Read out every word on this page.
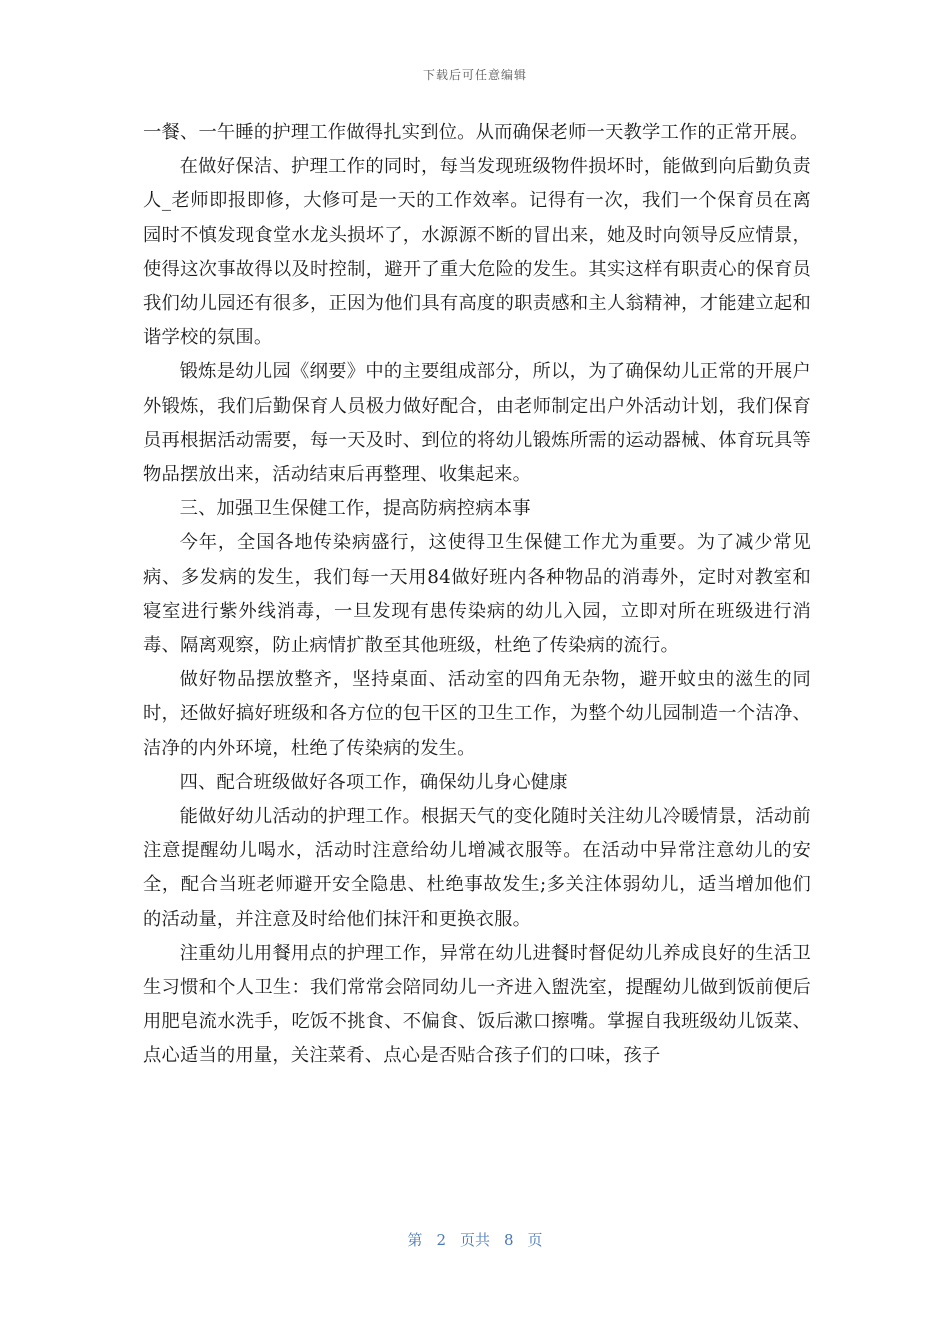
下载后可任意编辑

一餐、一午睡的护理工作做得扎实到位。从而确保老师一天教学工作的正常开展。

在做好保洁、护理工作的同时，每当发现班级物件损坏时，能做到向后勤负责人_老师即报即修，大修可是一天的工作效率。记得有一次，我们一个保育员在离园时不慎发现食堂水龙头损坏了，水源源不断的冒出来，她及时向领导反应情景，使得这次事故得以及时控制，避开了重大危险的发生。其实这样有职责心的保育员我们幼儿园还有很多，正因为他们具有高度的职责感和主人翁精神，才能建立起和谐学校的氛围。

锻炼是幼儿园《纲要》中的主要组成部分，所以，为了确保幼儿正常的开展户外锻炼，我们后勤保育人员极力做好配合，由老师制定出户外活动计划，我们保育员再根据活动需要，每一天及时、到位的将幼儿锻炼所需的运动器械、体育玩具等物品摆放出来，活动结束后再整理、收集起来。

三、加强卫生保健工作，提高防病控病本事

今年，全国各地传染病盛行，这使得卫生保健工作尤为重要。为了减少常见病、多发病的发生，我们每一天用84做好班内各种物品的消毒外，定时对教室和寝室进行紫外线消毒，一旦发现有患传染病的幼儿入园，立即对所在班级进行消毒、隔离观察，防止病情扩散至其他班级，杜绝了传染病的流行。

做好物品摆放整齐，坚持桌面、活动室的四角无杂物，避开蚊虫的滋生的同时，还做好搞好班级和各方位的包干区的卫生工作，为整个幼儿园制造一个洁净、洁净的内外环境，杜绝了传染病的发生。

四、配合班级做好各项工作，确保幼儿身心健康

能做好幼儿活动的护理工作。根据天气的变化随时关注幼儿冷暖情景，活动前注意提醒幼儿喝水，活动时注意给幼儿增减衣服等。在活动中异常注意幼儿的安全，配合当班老师避开安全隐患、杜绝事故发生;多关注体弱幼儿，适当增加他们的活动量，并注意及时给他们抹汗和更换衣服。

注重幼儿用餐用点的护理工作，异常在幼儿进餐时督促幼儿养成良好的生活卫生习惯和个人卫生：我们常常会陪同幼儿一齐进入盥洗室，提醒幼儿做到饭前便后用肥皂流水洗手，吃饭不挑食、不偏食、饭后漱口擦嘴。掌握自我班级幼儿饭菜、点心适当的用量，关注菜肴、点心是否贴合孩子们的口味，孩子

第 2 页共 8 页
